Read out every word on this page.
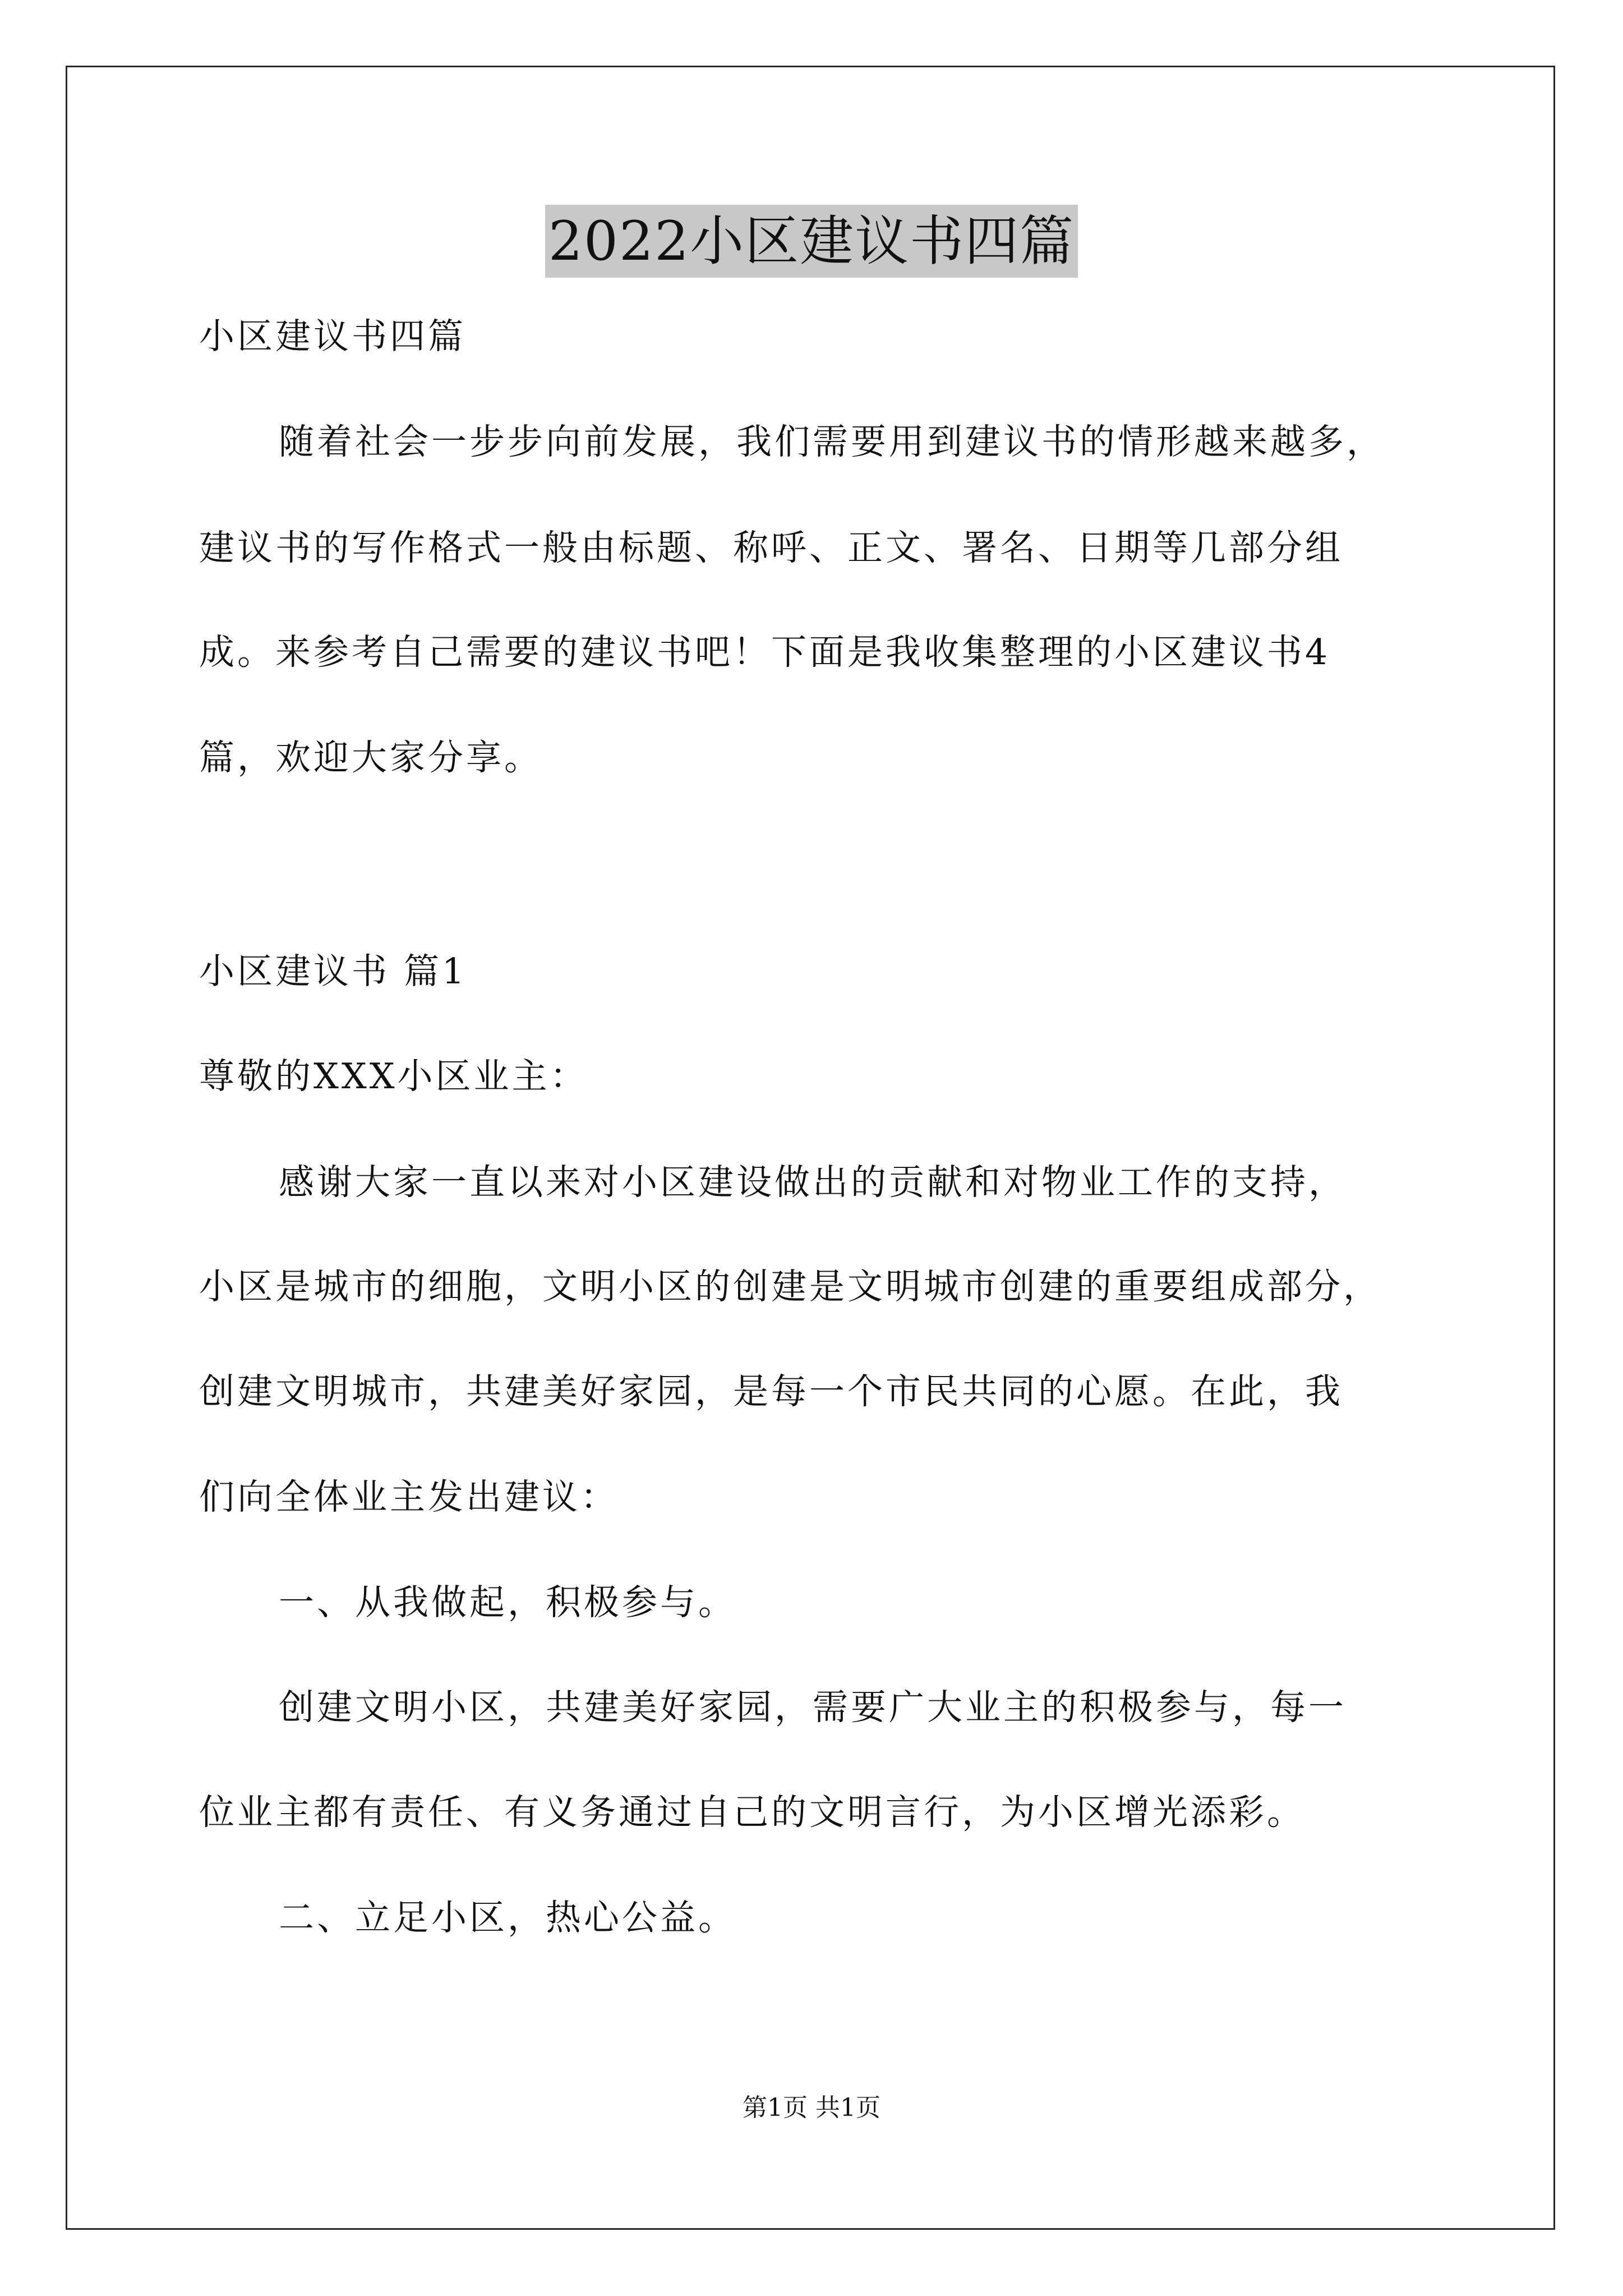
2022小区建议书四篇
小区建议书四篇
随着社会一步步向前发展，我们需要用到建议书的情形越来越多，
建议书的写作格式一般由标题、称呼、正文、署名、日期等几部分组
成。来参考自己需要的建议书吧！下面是我收集整理的小区建议书4
篇，欢迎大家分享。
小区建议书 篇1
尊敬的XXX小区业主：
感谢大家一直以来对小区建设做出的贡献和对物业工作的支持，
小区是城市的细胞，文明小区的创建是文明城市创建的重要组成部分，
创建文明城市，共建美好家园，是每一个市民共同的心愿。在此，我
们向全体业主发出建议：
一、从我做起，积极参与。
创建文明小区，共建美好家园，需要广大业主的积极参与，每一
位业主都有责任、有义务通过自己的文明言行，为小区增光添彩。
二、立足小区，热心公益。
第1页 共1页
